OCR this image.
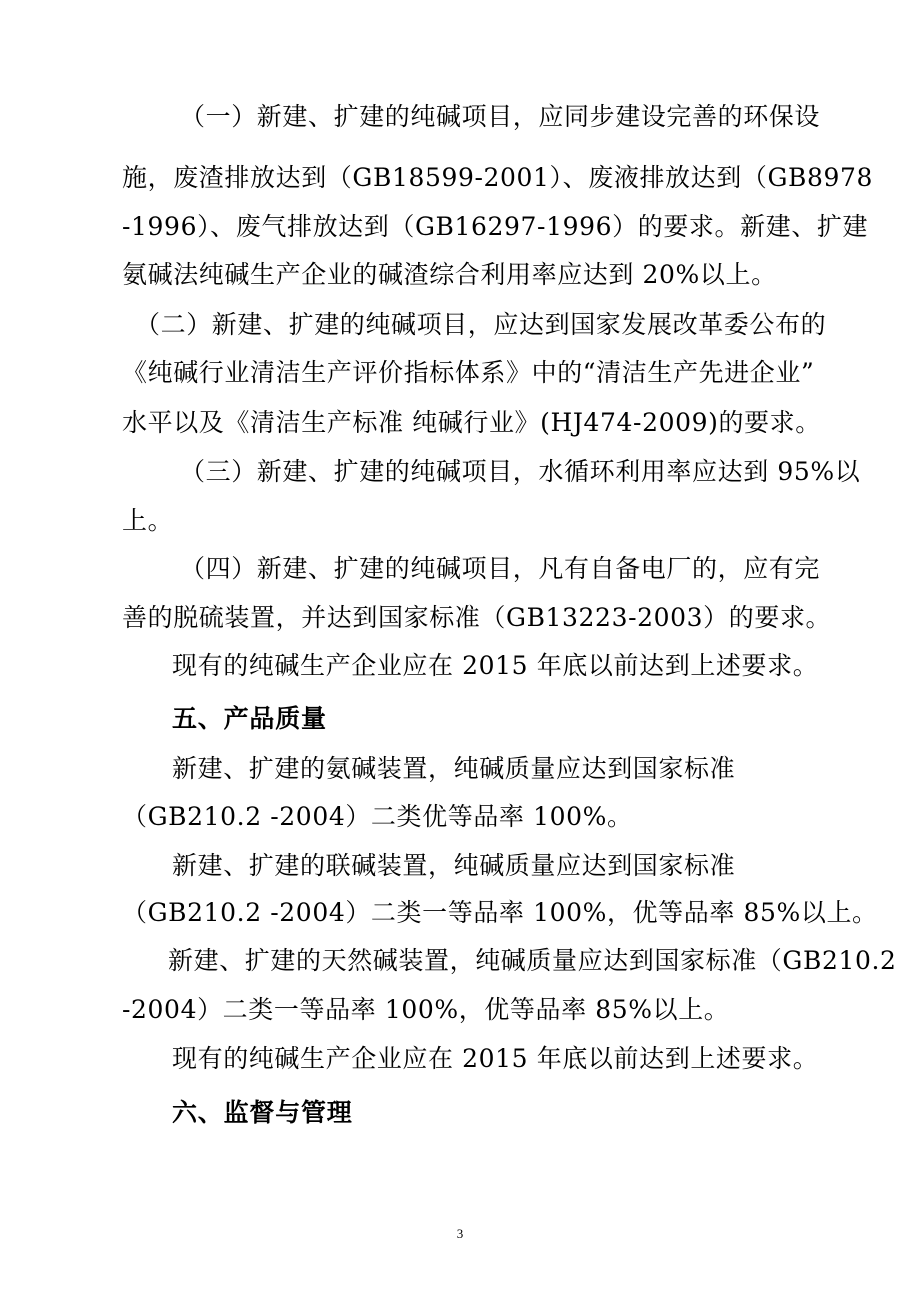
（一）新建、扩建的纯碱项目，应同步建设完善的环保设
施，废渣排放达到（GB18599-2001）、废液排放达到（GB8978
-1996）、废气排放达到（GB16297-1996）的要求。新建、扩建
氨碱法纯碱生产企业的碱渣综合利用率应达到 20%以上。
（二）新建、扩建的纯碱项目，应达到国家发展改革委公布的
《纯碱行业清洁生产评价指标体系》中的“清洁生产先进企业”
水平以及《清洁生产标准 纯碱行业》(HJ474-2009)的要求。
（三）新建、扩建的纯碱项目，水循环利用率应达到 95%以
上。
（四）新建、扩建的纯碱项目，凡有自备电厂的，应有完
善的脱硫装置，并达到国家标准（GB13223-2003）的要求。
现有的纯碱生产企业应在 2015 年底以前达到上述要求。
五、产品质量
新建、扩建的氨碱装置，纯碱质量应达到国家标准
（GB210.2 -2004）二类优等品率 100%。
新建、扩建的联碱装置，纯碱质量应达到国家标准
（GB210.2 -2004）二类一等品率 100%，优等品率 85%以上。
新建、扩建的天然碱装置，纯碱质量应达到国家标准（GB210.2
-2004）二类一等品率 100%，优等品率 85%以上。
现有的纯碱生产企业应在 2015 年底以前达到上述要求。
六、监督与管理
3
